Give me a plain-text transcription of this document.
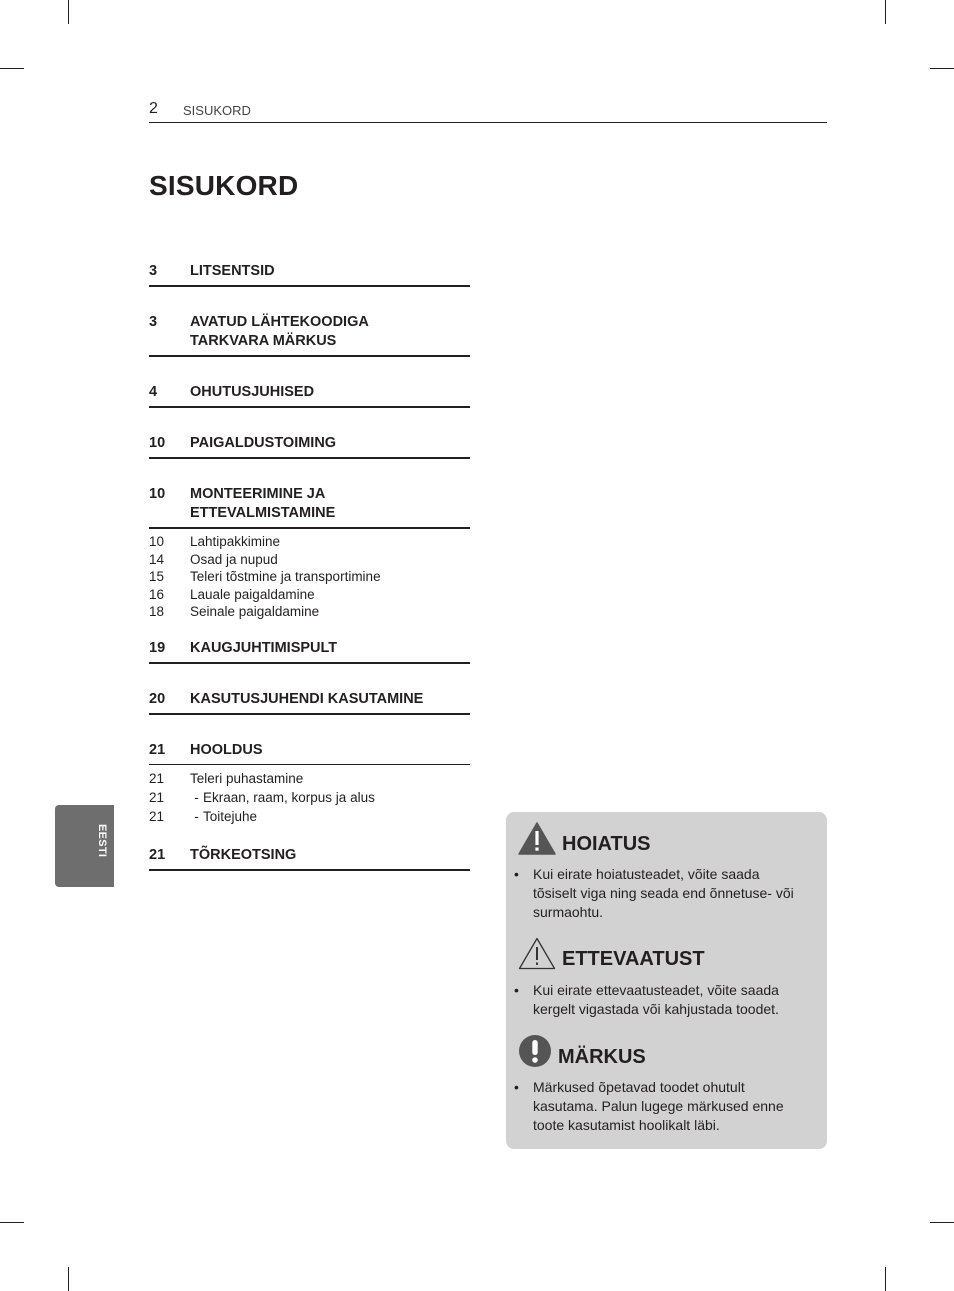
2 SISUKORD
SISUKORD
3	LITSENTSID
3	AVATUD LÄHTEKOODIGA
TARKVARA MÄRKUS
4	OHUTUSJUHISED
10	PAIGALDUSTOIMING
10	MONTEERIMINE JA
ETTEVALMISTAMINE
10	Lahtipakkimine
14	Osad ja nupud
15	Teleri tõstmine ja transportimine
16	Lauale paigaldamine
18	Seinale paigaldamine
19	KAUGJUHTIMISPULT
20	KASUTUSJUHENDI KASUTAMINE
21	HOOLDUS
21	Teleri puhastamine
21	- Ekraan, raam, korpus ja alus
21	- Toitejuhe
21	TÕRKEOTSING
EESTI	HOIATUS
•	Kui eirate hoiatusteadet, võite saada
tõsiselt viga ning seada end õnnetuse- või
surmaohtu.
ETTEVAATUST
•	Kui eirate ettevaatusteadet, võite saada
kergelt vigastada või kahjustada toodet.
MÄRKUS
•	Märkused õpetavad toodet ohutult
kasutama. Palun lugege märkused enne
toote kasutamist hoolikalt läbi.
